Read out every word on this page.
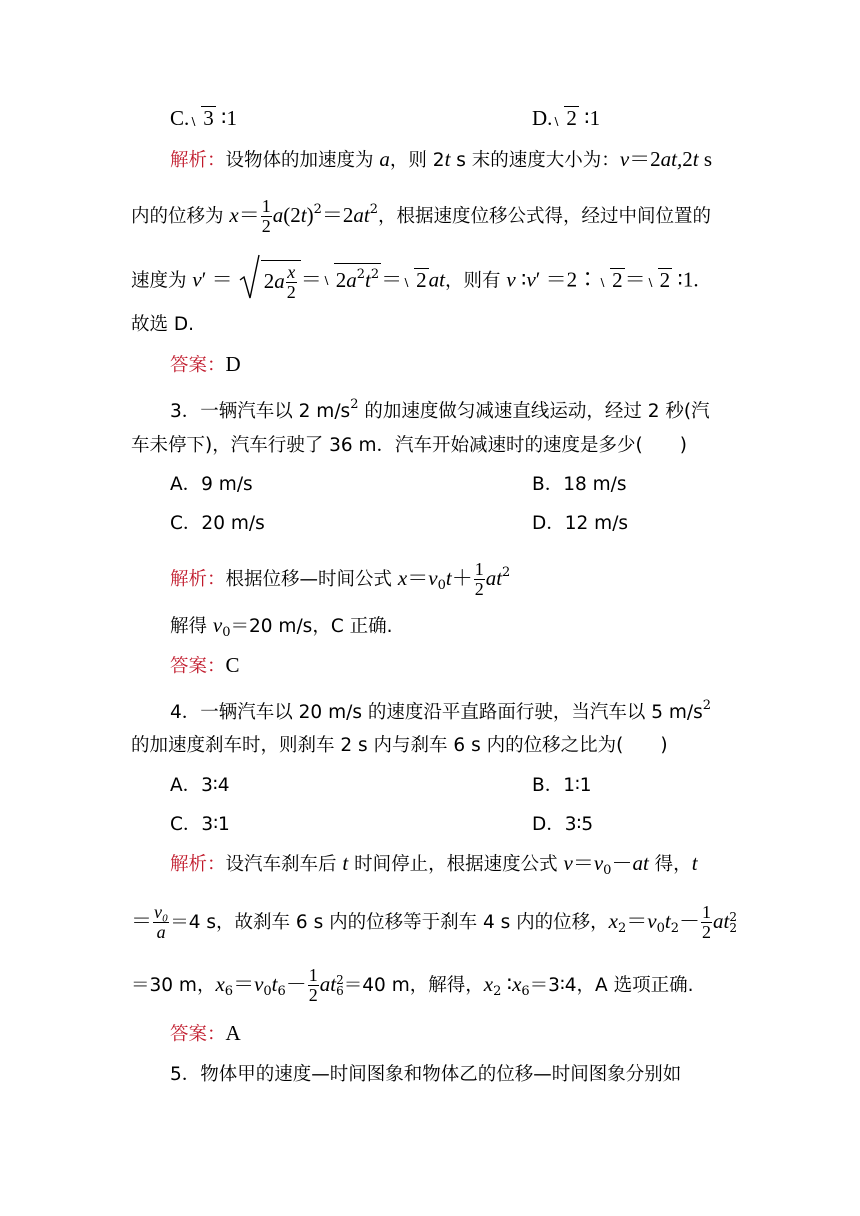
C. 3 ∶1	D. 2 ∶1
解析：设物体的加速度为 a，则 2t s 末的速度大小为：v＝2at,2t s
内的位移为 $x= \frac{1}{2} a(2t)^2=2at^2$，根据速度位移公式得，经过中间位置的
速度为 $v' = 2a \frac{x}{2} = 2a^2t^2= 2at$，则有 v ∶v′ ＝2∶ 2＝ 2 ∶1.
故选 D.
答案：D
3．一辆汽车以 2 $m/s^2$ 的加速度做匀减速直线运动，经过 2 秒(汽
车未停下)，汽车行驶了 36 m．汽车开始减速时的速度是多少(　　)
A．9 m/s	B．18 m/s
C．20 m/s	D．12 m/s
解析：根据位移—时间公式 $x=v_0t+ \frac{1}{2} at^2$
解得 $v_0=20$ m/s，C 正确.
答案：C
4．一辆汽车以 20 m/s 的速度沿平直路面行驶，当汽车以 5 $m/s^2$
的加速度刹车时，则刹车 2 s 内与刹车 6 s 内的位移之比为(　　)
A．3∶4	B．1∶1
C．3∶1	D．3∶5
解析：设汽车刹车后 t 时间停止，根据速度公式 $v=v_0-at$ 得，t
＝ $\frac{\text{v₀}}{a} =4$ s，故刹车 6 s 内的位移等于刹车 4 s 内的位移，$x_2=v_0t_2- \frac{1}{2}$ at 2
2
＝30 m，$x_6=v_0t_6- \frac{1}{2}$ at 2
6 ＝40 m，解得，$x_2$ $∶x_6=3∶4$，A 选项正确.
答案：A
5．物体甲的速度—时间图象和物体乙的位移—时间图象分别如
